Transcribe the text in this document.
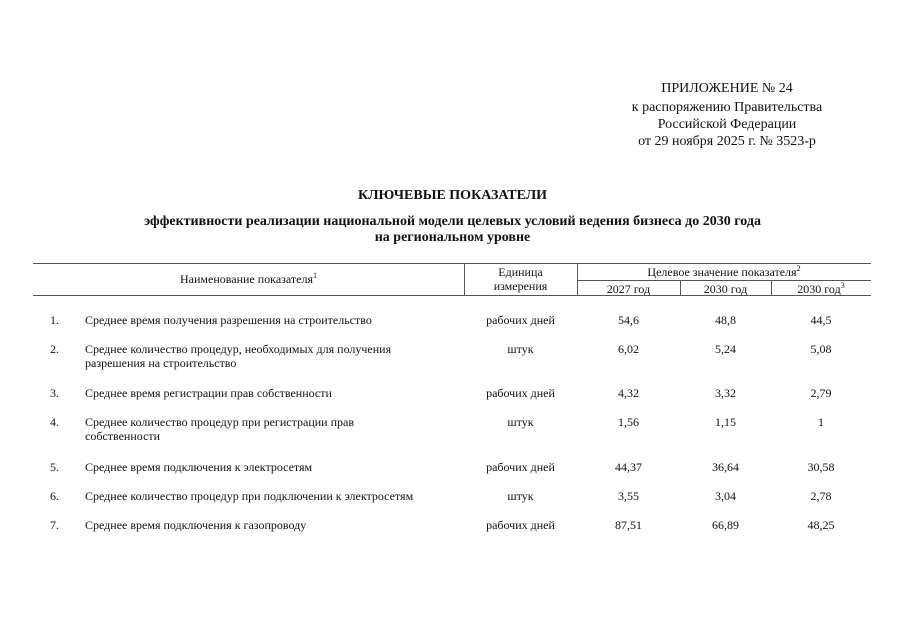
ПРИЛОЖЕНИЕ № 24
к распоряжению Правительства
Российской Федерации
от 29 ноября 2025 г. № 3523-р
КЛЮЧЕВЫЕ ПОКАЗАТЕЛИ
эффективности реализации национальной модели целевых условий ведения бизнеса до 2030 года
на региональном уровне
Наименование показателя$^1$	Единица
измерения
Целевое значение показателя$^2$
2027 год	2030 год	2030 год$^3$
1. Среднее время получения разрешения на строительство	рабочих дней	54,6	48,8	44,5
2. Среднее количество процедур, необходимых для получения
разрешения на строительство
штук	6,02	5,24	5,08
3. Среднее время регистрации прав собственности	рабочих дней	4,32	3,32	2,79
4. Среднее количество процедур при регистрации прав
собственности
штук	1,56	1,15	1
5. Среднее время подключения к электросетям	рабочих дней	44,37	36,64	30,58
6. Среднее количество процедур при подключении к электросетям	штук	3,55	3,04	2,78
7. Среднее время подключения к газопроводу	рабочих дней	87,51	66,89	48,25
